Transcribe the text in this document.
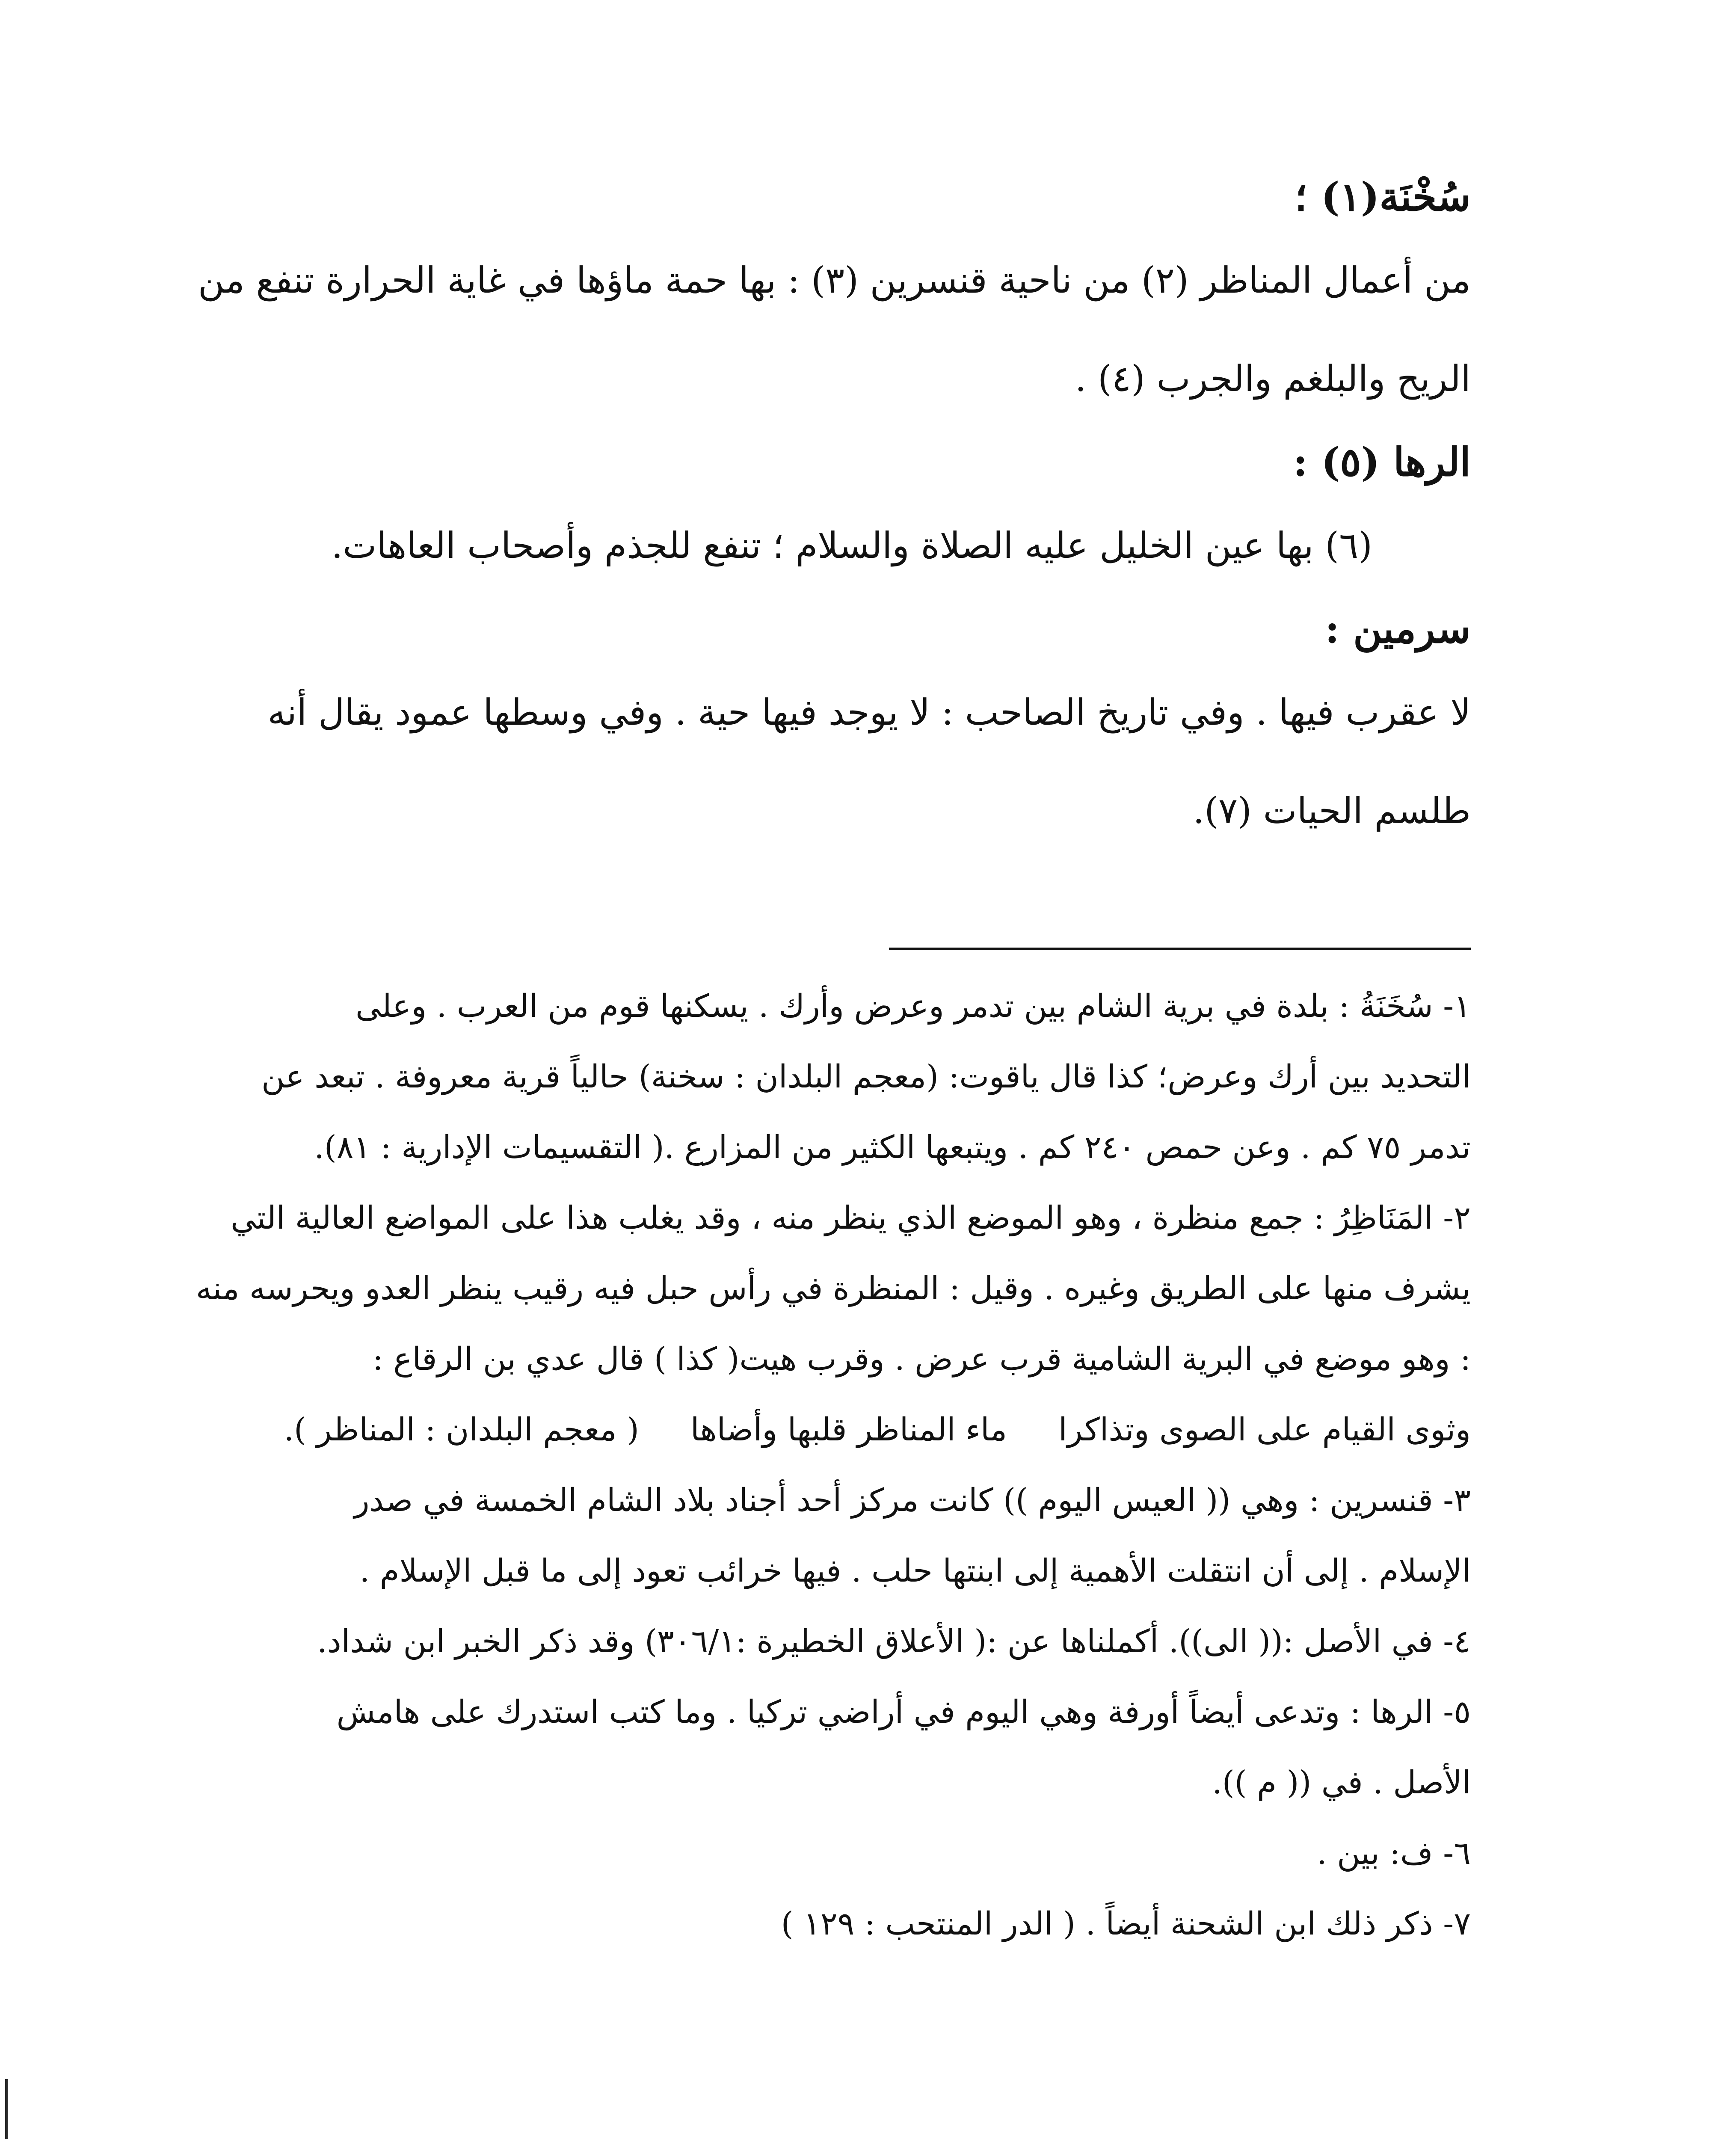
سُخْنَة(١) ؛

من أعمال المناظر (٢) من ناحية قنسرين (٣) : بها حمة ماؤها في غاية الحرارة تنفع من

الريح والبلغم والجرب (٤) .

الرها (٥) :

(٦) بها عين الخليل عليه الصلاة والسلام ؛ تنفع للجذم وأصحاب العاهات.

سرمين :

لا عقرب فيها . وفي تاريخ الصاحب : لا يوجد فيها حية . وفي وسطها عمود يقال أنه

طلسم الحيات (٧).

١- سُخَنَةُ : بلدة في برية الشام بين تدمر وعرض وأرك . يسكنها قوم من العرب . وعلى

التحديد بين أرك وعرض؛ كذا قال ياقوت: (معجم البلدان : سخنة) حالياً قرية معروفة . تبعد عن

تدمر ٧٥ كم . وعن حمص ٢٤٠ كم . ويتبعها الكثير من المزارع .( التقسيمات الإدارية : ٨١).

٢- المَنَاظِرُ : جمع منظرة ، وهو الموضع الذي ينظر منه ، وقد يغلب هذا على المواضع العالية التي

يشرف منها على الطريق وغيره . وقيل : المنظرة في رأس حبل فيه رقيب ينظر العدو ويحرسه منه

: وهو موضع في البرية الشامية قرب عرض . وقرب هيت( كذا ) قال عدي بن الرقاع :

وثوى القيام على الصوى وتذاكرا
ماء المناظر قلبها وأضاها
( معجم البلدان : المناظر ).

٣- قنسرين : وهي (( العيس اليوم )) كانت مركز أحد أجناد بلاد الشام الخمسة في صدر

الإسلام . إلى أن انتقلت الأهمية إلى ابنتها حلب . فيها خرائب تعود إلى ما قبل الإسلام .

٤- في الأصل :(( الى)). أكملناها عن :( الأعلاق الخطيرة :٣٠٦/١) وقد ذكر الخبر ابن شداد.

٥- الرها : وتدعى أيضاً أورفة وهي اليوم في أراضي تركيا . وما كتب استدرك على هامش

الأصل . في (( م )).

٦- ف: بين .

٧- ذكر ذلك ابن الشحنة أيضاً . ( الدر المنتحب : ١٢٩ )
